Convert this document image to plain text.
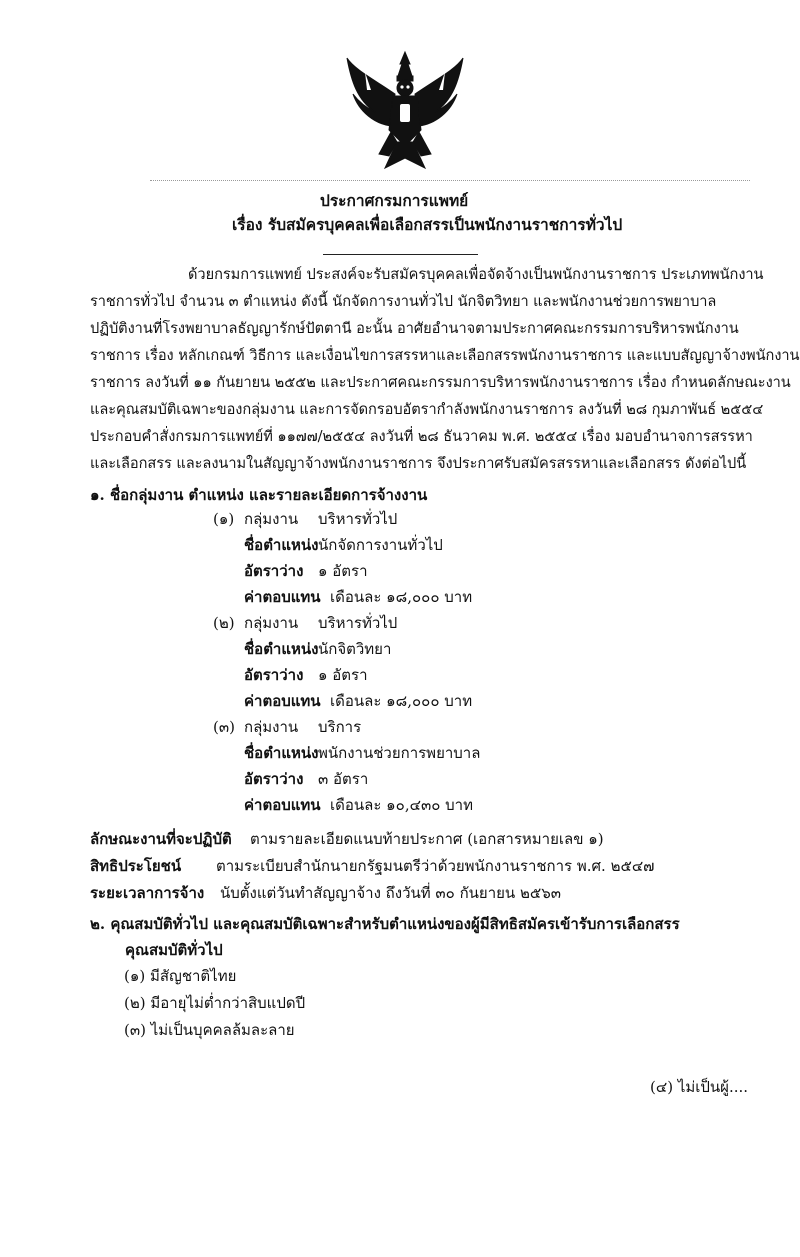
ประกาศกรมการแพทย์
เรื่อง รับสมัครบุคคลเพื่อเลือกสรรเป็นพนักงานราชการทั่วไป
ด้วยกรมการแพทย์ ประสงค์จะรับสมัครบุคคลเพื่อจัดจ้างเป็นพนักงานราชการ ประเภทพนักงาน
ราชการทั่วไป จำนวน ๓ ตำแหน่ง ดังนี้ นักจัดการงานทั่วไป นักจิตวิทยา และพนักงานช่วยการพยาบาล
ปฏิบัติงานที่โรงพยาบาลธัญญารักษ์ปัตตานี อะนั้น อาศัยอำนาจตามประกาศคณะกรรมการบริหารพนักงาน
ราชการ เรื่อง หลักเกณฑ์ วิธีการ และเงื่อนไขการสรรหาและเลือกสรรพนักงานราชการ และแบบสัญญาจ้างพนักงาน
ราชการ ลงวันที่ ๑๑ กันยายน ๒๕๕๒ และประกาศคณะกรรมการบริหารพนักงานราชการ เรื่อง กำหนดลักษณะงาน
และคุณสมบัติเฉพาะของกลุ่มงาน และการจัดกรอบอัตรากำลังพนักงานราชการ ลงวันที่ ๒๘ กุมภาพันธ์ ๒๕๕๔
ประกอบคำสั่งกรมการแพทย์ที่ ๑๑๗๗/๒๕๕๔ ลงวันที่ ๒๘ ธันวาคม พ.ศ. ๒๕๕๔ เรื่อง มอบอำนาจการสรรหา
และเลือกสรร และลงนามในสัญญาจ้างพนักงานราชการ จึงประกาศรับสมัครสรรหาและเลือกสรร ดังต่อไปนี้
๑. ชื่อกลุ่มงาน ตำแหน่ง และรายละเอียดการจ้างงาน
(๑) กลุ่มงาน บริหารทั่วไป
ชื่อตำแหน่ง นักจัดการงานทั่วไป
อัตราว่าง ๑ อัตรา
ค่าตอบแทน เดือนละ ๑๘,๐๐๐ บาท
(๒) กลุ่มงาน บริหารทั่วไป
ชื่อตำแหน่ง นักจิตวิทยา
อัตราว่าง ๑ อัตรา
ค่าตอบแทน เดือนละ ๑๘,๐๐๐ บาท
(๓) กลุ่มงาน บริการ
ชื่อตำแหน่ง พนักงานช่วยการพยาบาล
อัตราว่าง ๓ อัตรา
ค่าตอบแทน เดือนละ ๑๐,๔๓๐ บาท
ลักษณะงานที่จะปฏิบัติ ตามรายละเอียดแนบท้ายประกาศ (เอกสารหมายเลข ๑)
สิทธิประโยชน์ ตามระเบียบสำนักนายกรัฐมนตรีว่าด้วยพนักงานราชการ พ.ศ. ๒๕๔๗
ระยะเวลาการจ้าง นับตั้งแต่วันทำสัญญาจ้าง ถึงวันที่ ๓๐ กันยายน ๒๕๖๓
๒. คุณสมบัติทั่วไป และคุณสมบัติเฉพาะสำหรับตำแหน่งของผู้มีสิทธิสมัครเข้ารับการเลือกสรร
คุณสมบัติทั่วไป
(๑) มีสัญชาติไทย
(๒) มีอายุไม่ต่ำกว่าสิบแปดปี
(๓) ไม่เป็นบุคคลล้มละลาย
(๔) ไม่เป็นผู้....
